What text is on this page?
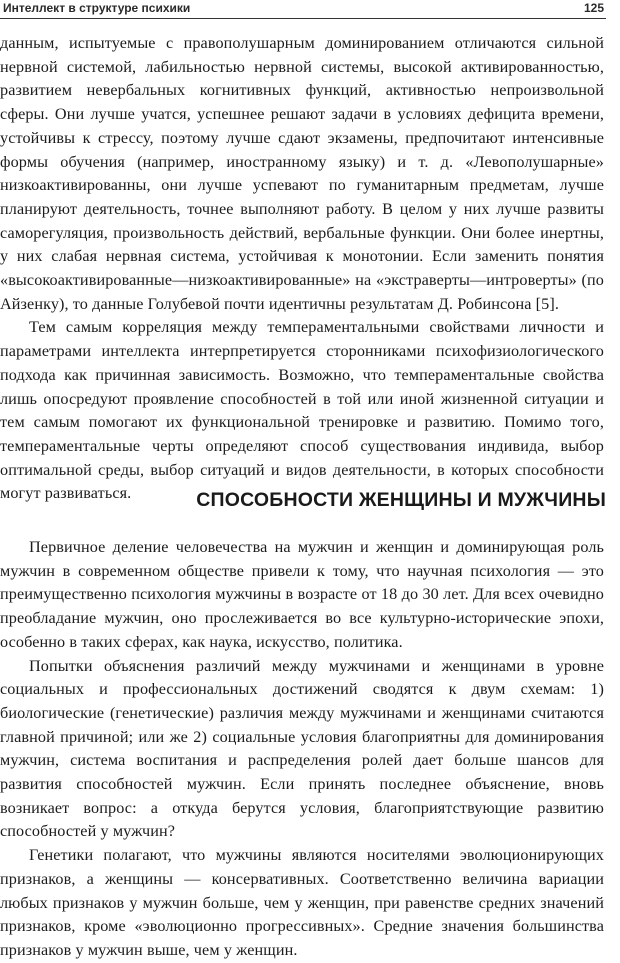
Интеллект в структуре психики	125

данным, испытуемые с правополушарным доминированием отличаются сильной нервной системой, лабильностью нервной системы, высокой активированностью, развитием невербальных когнитивных функций, активностью непроизвольной сферы. Они лучше учатся, успешнее решают задачи в условиях дефицита времени, устойчивы к стрессу, поэтому лучше сдают экзамены, предпочитают интенсивные формы обучения (например, иностранному языку) и т. д. «Левополушарные» низкоактивированны, они лучше успевают по гуманитарным предметам, лучше планируют деятельность, точнее выполняют работу. В целом у них лучше развиты саморегуляция, произвольность действий, вербальные функции. Они более инертны, у них слабая нервная система, устойчивая к монотонии. Если заменить понятия «высокоактивированные—низкоактивированные» на «экстраверты—интроверты» (по Айзенку), то данные Голубевой почти идентичны результатам Д. Робинсона [5].

Тем самым корреляция между темпераментальными свойствами личности и параметрами интеллекта интерпретируется сторонниками психофизиологического подхода как причинная зависимость. Возможно, что темпераментальные свойства лишь опосредуют проявление способностей в той или иной жизненной ситуации и тем самым помогают их функциональной тренировке и развитию. Помимо того, темпераментальные черты определяют способ существования индивида, выбор оптимальной среды, выбор ситуаций и видов деятельности, в которых способности могут развиваться.	СПОСОБНОСТИ ЖЕНЩИНЫ И МУЖЧИНЫ

Первичное деление человечества на мужчин и женщин и доминирующая роль мужчин в современном обществе привели к тому, что научная психология — это преимущественно психология мужчины в возрасте от 18 до 30 лет. Для всех очевидно преобладание мужчин, оно прослеживается во все культурно-исторические эпохи, особенно в таких сферах, как наука, искусство, политика.

Попытки объяснения различий между мужчинами и женщинами в уровне социальных и профессиональных достижений сводятся к двум схемам: 1) биологические (генетические) различия между мужчинами и женщинами считаются главной причиной; или же 2) социальные условия благоприятны для доминирования мужчин, система воспитания и распределения ролей дает больше шансов для развития способностей мужчин. Если принять последнее объяснение, вновь возникает вопрос: а откуда берутся условия, благоприятствующие развитию способностей у мужчин?

Генетики полагают, что мужчины являются носителями эволюционирующих признаков, а женщины — консервативных. Соответственно величина вариации любых признаков у мужчин больше, чем у женщин, при равенстве средних значений признаков, кроме «эволюционно прогрессивных». Средние значения большинства признаков у мужчин выше, чем у женщин.
